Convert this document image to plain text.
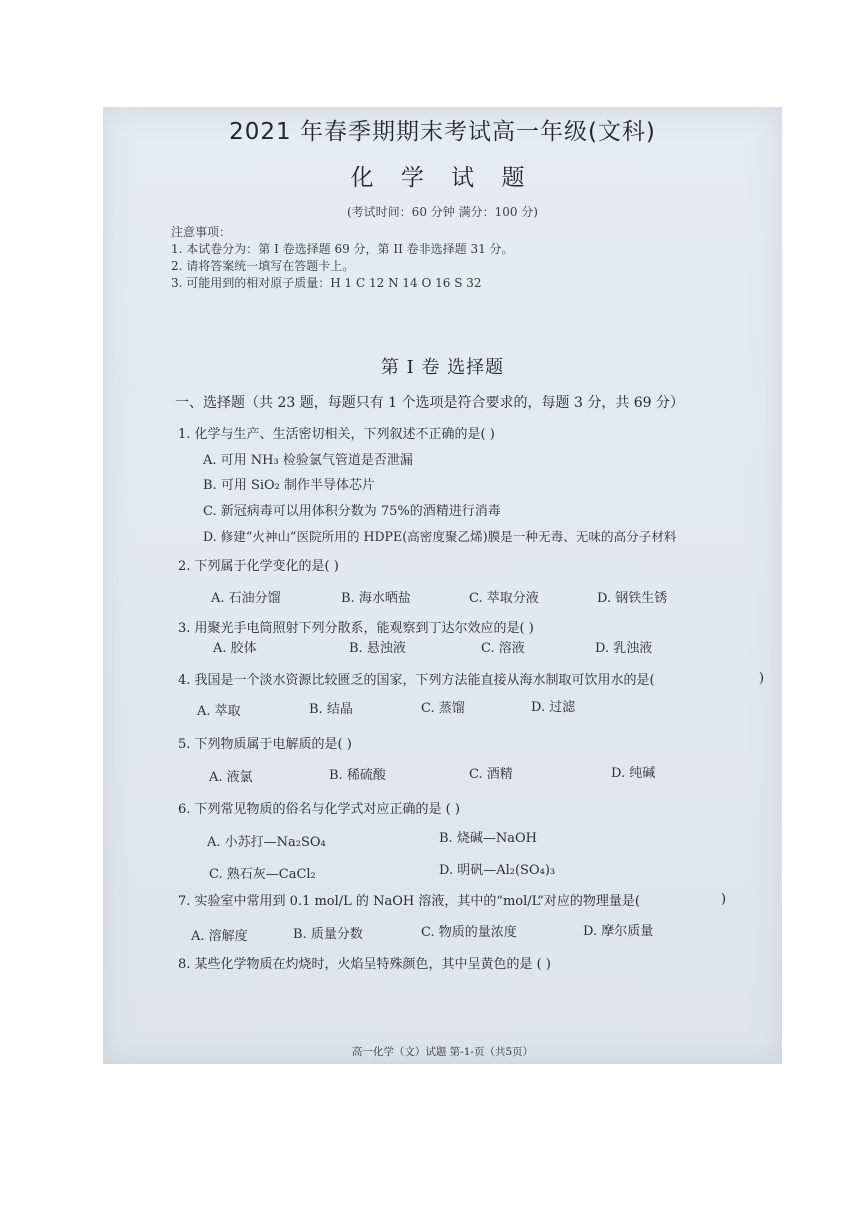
2021 年春季期期末考试高一年级(文科)
化 学 试 题
(考试时间：60 分钟 满分：100 分)
注意事项：
1. 本试卷分为：第 I 卷选择题 69 分，第 II 卷非选择题 31 分。
2. 请将答案统一填写在答题卡上。
3. 可能用到的相对原子质量：H 1 C 12 N 14 O 16 S 32
第 I 卷 选择题
一、选择题（共 23 题，每题只有 1 个选项是符合要求的，每题 3 分，共 69 分）
1. 化学与生产、生活密切相关，下列叙述不正确的是( )
A. 可用 NH₃ 检验氯气管道是否泄漏
B. 可用 SiO₂ 制作半导体芯片
C. 新冠病毒可以用体积分数为 75%的酒精进行消毒
D. 修建“火神山”医院所用的 HDPE(高密度聚乙烯)膜是一种无毒、无味的高分子材料
2. 下列属于化学变化的是( )
A. 石油分馏	B. 海水晒盐	C. 萃取分液	D. 钢铁生锈
3. 用聚光手电筒照射下列分散系，能观察到丁达尔效应的是( )
A. 胶体	B. 悬浊液	C. 溶液	D. 乳浊液
4. 我国是一个淡水资源比较匮乏的国家，下列方法能直接从海水制取可饮用水的是(	)
A. 萃取	B. 结晶	C. 蒸馏	D. 过滤
5. 下列物质属于电解质的是( )
A. 液氯	B. 稀硫酸	C. 酒精	D. 纯碱
6. 下列常见物质的俗名与化学式对应正确的是 ( )
A. 小苏打—Na₂SO₄	B. 烧碱—NaOH
C. 熟石灰—CaCl₂	D. 明矾—Al₂(SO₄)₃
7. 实验室中常用到 0.1 mol/L 的 NaOH 溶液，其中的“mol/L”对应的物理量是(	)
A. 溶解度	B. 质量分数	C. 物质的量浓度	D. 摩尔质量
8. 某些化学物质在灼烧时，火焰呈特殊颜色，其中呈黄色的是 ( )
高一化学（文）试题 第-1-页（共5页）
